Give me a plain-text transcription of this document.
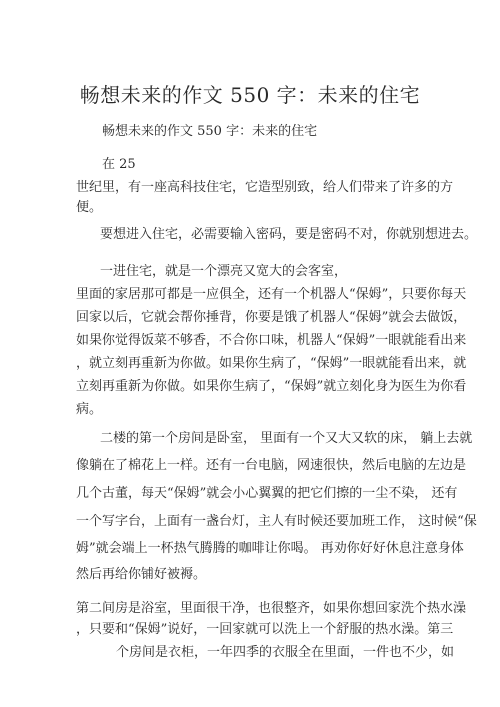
畅想未来的作文 550 字：未来的住宅
畅想未来的作文 550 字：未来的住宅
在 25
世纪里，有一座高科技住宅，它造型别致，给人们带来了许多的方
便。
要想进入住宅，必需要输入密码，要是密码不对，你就别想进去。
一进住宅，就是一个漂亮又宽大的会客室，
里面的家居那可都是一应俱全，还有一个机器人“保姆”，只要你每天
回家以后，它就会帮你捶背，你要是饿了机器人“保姆”就会去做饭，
如果你觉得饭菜不够香，不合你口味，机器人“保姆”一眼就能看出来
，就立刻再重新为你做。如果你生病了，“保姆”一眼就能看出来，就
立刻再重新为你做。如果你生病了，“保姆”就立刻化身为医生为你看
病。
二楼的第一个房间是卧室， 里面有一个又大又软的床， 躺上去就
像躺在了棉花上一样。还有一台电脑，网速很快，然后电脑的左边是
几个古董，每天“保姆”就会小心翼翼的把它们擦的一尘不染， 还有
一个写字台，上面有一盏台灯，主人有时候还要加班工作， 这时候“保
姆”就会端上一杯热气腾腾的咖啡让你喝。 再劝你好好休息注意身体
然后再给你铺好被褥。
第二间房是浴室，里面很干净，也很整齐，如果你想回家洗个热水澡
，只要和“保姆”说好，一回家就可以洗上一个舒服的热水澡。第三
个房间是衣柜，一年四季的衣服全在里面，一件也不少，如
